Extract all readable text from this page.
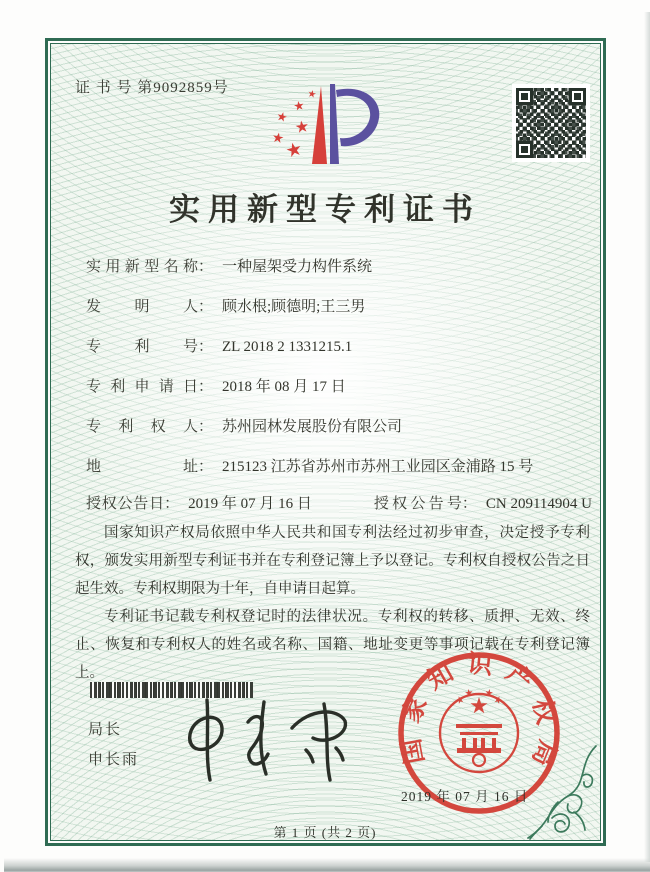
证 书 号 第9092859号
实用新型专利证书
实用新型名称 ： 一种屋架受力构件系统
发明人 ： 顾水根;顾德明;王三男
专利号 ： ZL 2018 2 1331215.1
专利申请日 ： 2018 年 08 月 17 日
专利权人 ： 苏州园林发展股份有限公司
地址 ： 215123 江苏省苏州市苏州工业园区金浦路 15 号
授权公告日 ： 2019 年 07 月 16 日	授权公告号 ： CN 209114904 U

国家知识产权局依照中华人民共和国专利法经过初步审查，决定授予专利权，颁发实用新型专利证书并在专利登记簿上予以登记。专利权自授权公告之日起生效。专利权期限为十年，自申请日起算。

专利证书记载专利权登记时的法律状况。专利权的转移、质押、无效、终止、恢复和专利权人的姓名或名称、国籍、地址变更等事项记载在专利登记簿上。

局长
申长雨	国家知识产权局
2019 年 07 月 16 日
第 1 页 (共 2 页)
